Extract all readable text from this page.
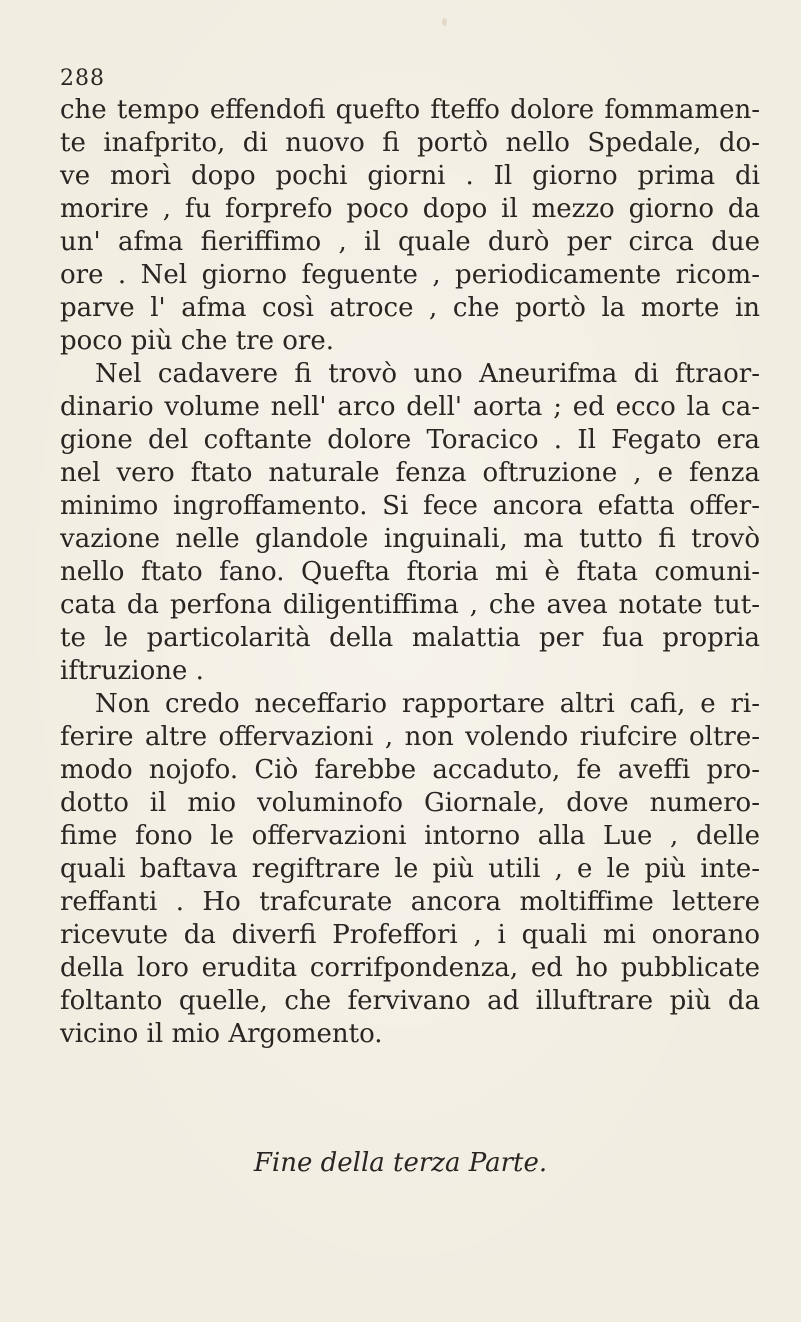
288
che tempo effendofi quefto fteffo dolore fommamen-
te inafprito, di nuovo fi portò nello Spedale, do-
ve morì dopo pochi giorni . Il giorno prima di
morire , fu forprefo poco dopo il mezzo giorno da
un' afma fieriffimo , il quale durò per circa due
ore . Nel giorno feguente , periodicamente ricom-
parve l' afma così atroce , che portò la morte in
poco più che tre ore.
Nel cadavere fi trovò uno Aneurifma di ftraor-
dinario volume nell' arco dell' aorta ; ed ecco la ca-
gione del coftante dolore Toracico . Il Fegato era
nel vero ftato naturale fenza oftruzione , e fenza
minimo ingroffamento. Si fece ancora efatta offer-
vazione nelle glandole inguinali, ma tutto fi trovò
nello ftato fano. Quefta ftoria mi è ftata comuni-
cata da perfona diligentiffima , che avea notate tut-
te le particolarità della malattia per fua propria
iftruzione .
Non credo neceffario rapportare altri cafi, e ri-
ferire altre offervazioni , non volendo riufcire oltre-
modo nojofo. Ciò farebbe accaduto, fe aveffi pro-
dotto il mio voluminofo Giornale, dove numero-
fime fono le offervazioni intorno alla Lue , delle
quali baftava regiftrare le più utili , e le più inte-
reffanti . Ho trafcurate ancora moltiffime lettere
ricevute da diverfi Profeffori , i quali mi onorano
della loro erudita corrifpondenza, ed ho pubblicate
foltanto quelle, che fervivano ad illuftrare più da
vicino il mio Argomento.
Fine della terza Parte.
